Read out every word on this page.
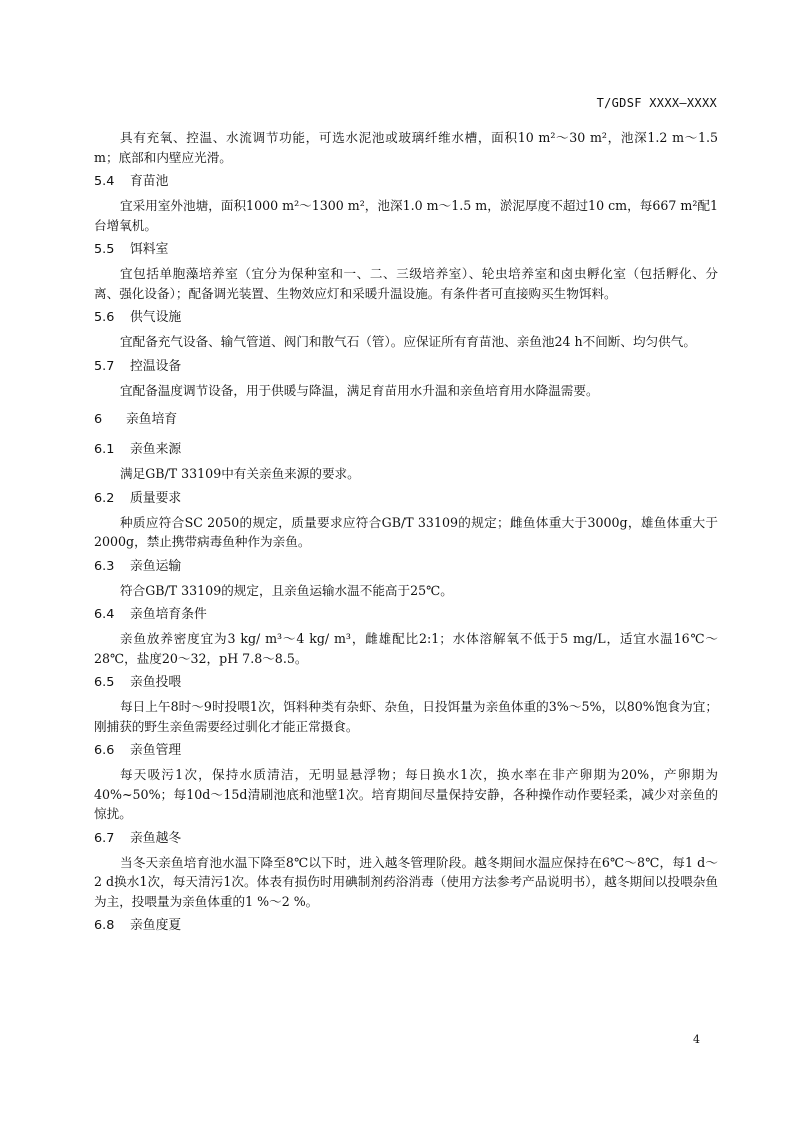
T/GDSF XXXX—XXXX

具有充氧、控温、水流调节功能，可选水泥池或玻璃纤维水槽，面积10 m²～30 m²，池深1.2 m～1.5 m；底部和内壁应光滑。

5.4	育苗池

宜采用室外池塘，面积1000 m²～1300 m²，池深1.0 m～1.5 m，淤泥厚度不超过10 cm，每667 m²配1台增氧机。

5.5	饵料室

宜包括单胞藻培养室（宜分为保种室和一、二、三级培养室）、轮虫培养室和卤虫孵化室（包括孵化、分离、强化设备）；配备调光装置、生物效应灯和采暖升温设施。有条件者可直接购买生物饵料。

5.6	供气设施

宜配备充气设备、输气管道、阀门和散气石（管）。应保证所有育苗池、亲鱼池24 h不间断、均匀供气。

5.7	控温设备

宜配备温度调节设备，用于供暖与降温，满足育苗用水升温和亲鱼培育用水降温需要。

6	亲鱼培育
6.1	亲鱼来源

满足GB/T 33109中有关亲鱼来源的要求。

6.2	质量要求

种质应符合SC 2050的规定，质量要求应符合GB/T 33109的规定；雌鱼体重大于3000g，雄鱼体重大于2000g，禁止携带病毒鱼种作为亲鱼。

6.3	亲鱼运输

符合GB/T 33109的规定，且亲鱼运输水温不能高于25℃。

6.4	亲鱼培育条件

亲鱼放养密度宜为3 kg/ m³～4 kg/ m³，雌雄配比2:1；水体溶解氧不低于5 mg/L，适宜水温16℃～28℃，盐度20～32，pH 7.8～8.5。

6.5	亲鱼投喂

每日上午8时～9时投喂1次，饵料种类有杂虾、杂鱼，日投饵量为亲鱼体重的3%～5%，以80%饱食为宜；刚捕获的野生亲鱼需要经过驯化才能正常摄食。

6.6	亲鱼管理

每天吸污1次，保持水质清洁，无明显悬浮物；每日换水1次，换水率在非产卵期为20%，产卵期为40%~50%；每10d～15d清刷池底和池壁1次。培育期间尽量保持安静，各种操作动作要轻柔，减少对亲鱼的惊扰。

6.7	亲鱼越冬

当冬天亲鱼培育池水温下降至8℃以下时，进入越冬管理阶段。越冬期间水温应保持在6℃～8℃，每1 d～2 d换水1次，每天清污1次。体表有损伤时用碘制剂药浴消毒（使用方法参考产品说明书），越冬期间以投喂杂鱼为主，投喂量为亲鱼体重的1 %～2 %。

6.8	亲鱼度夏
4
